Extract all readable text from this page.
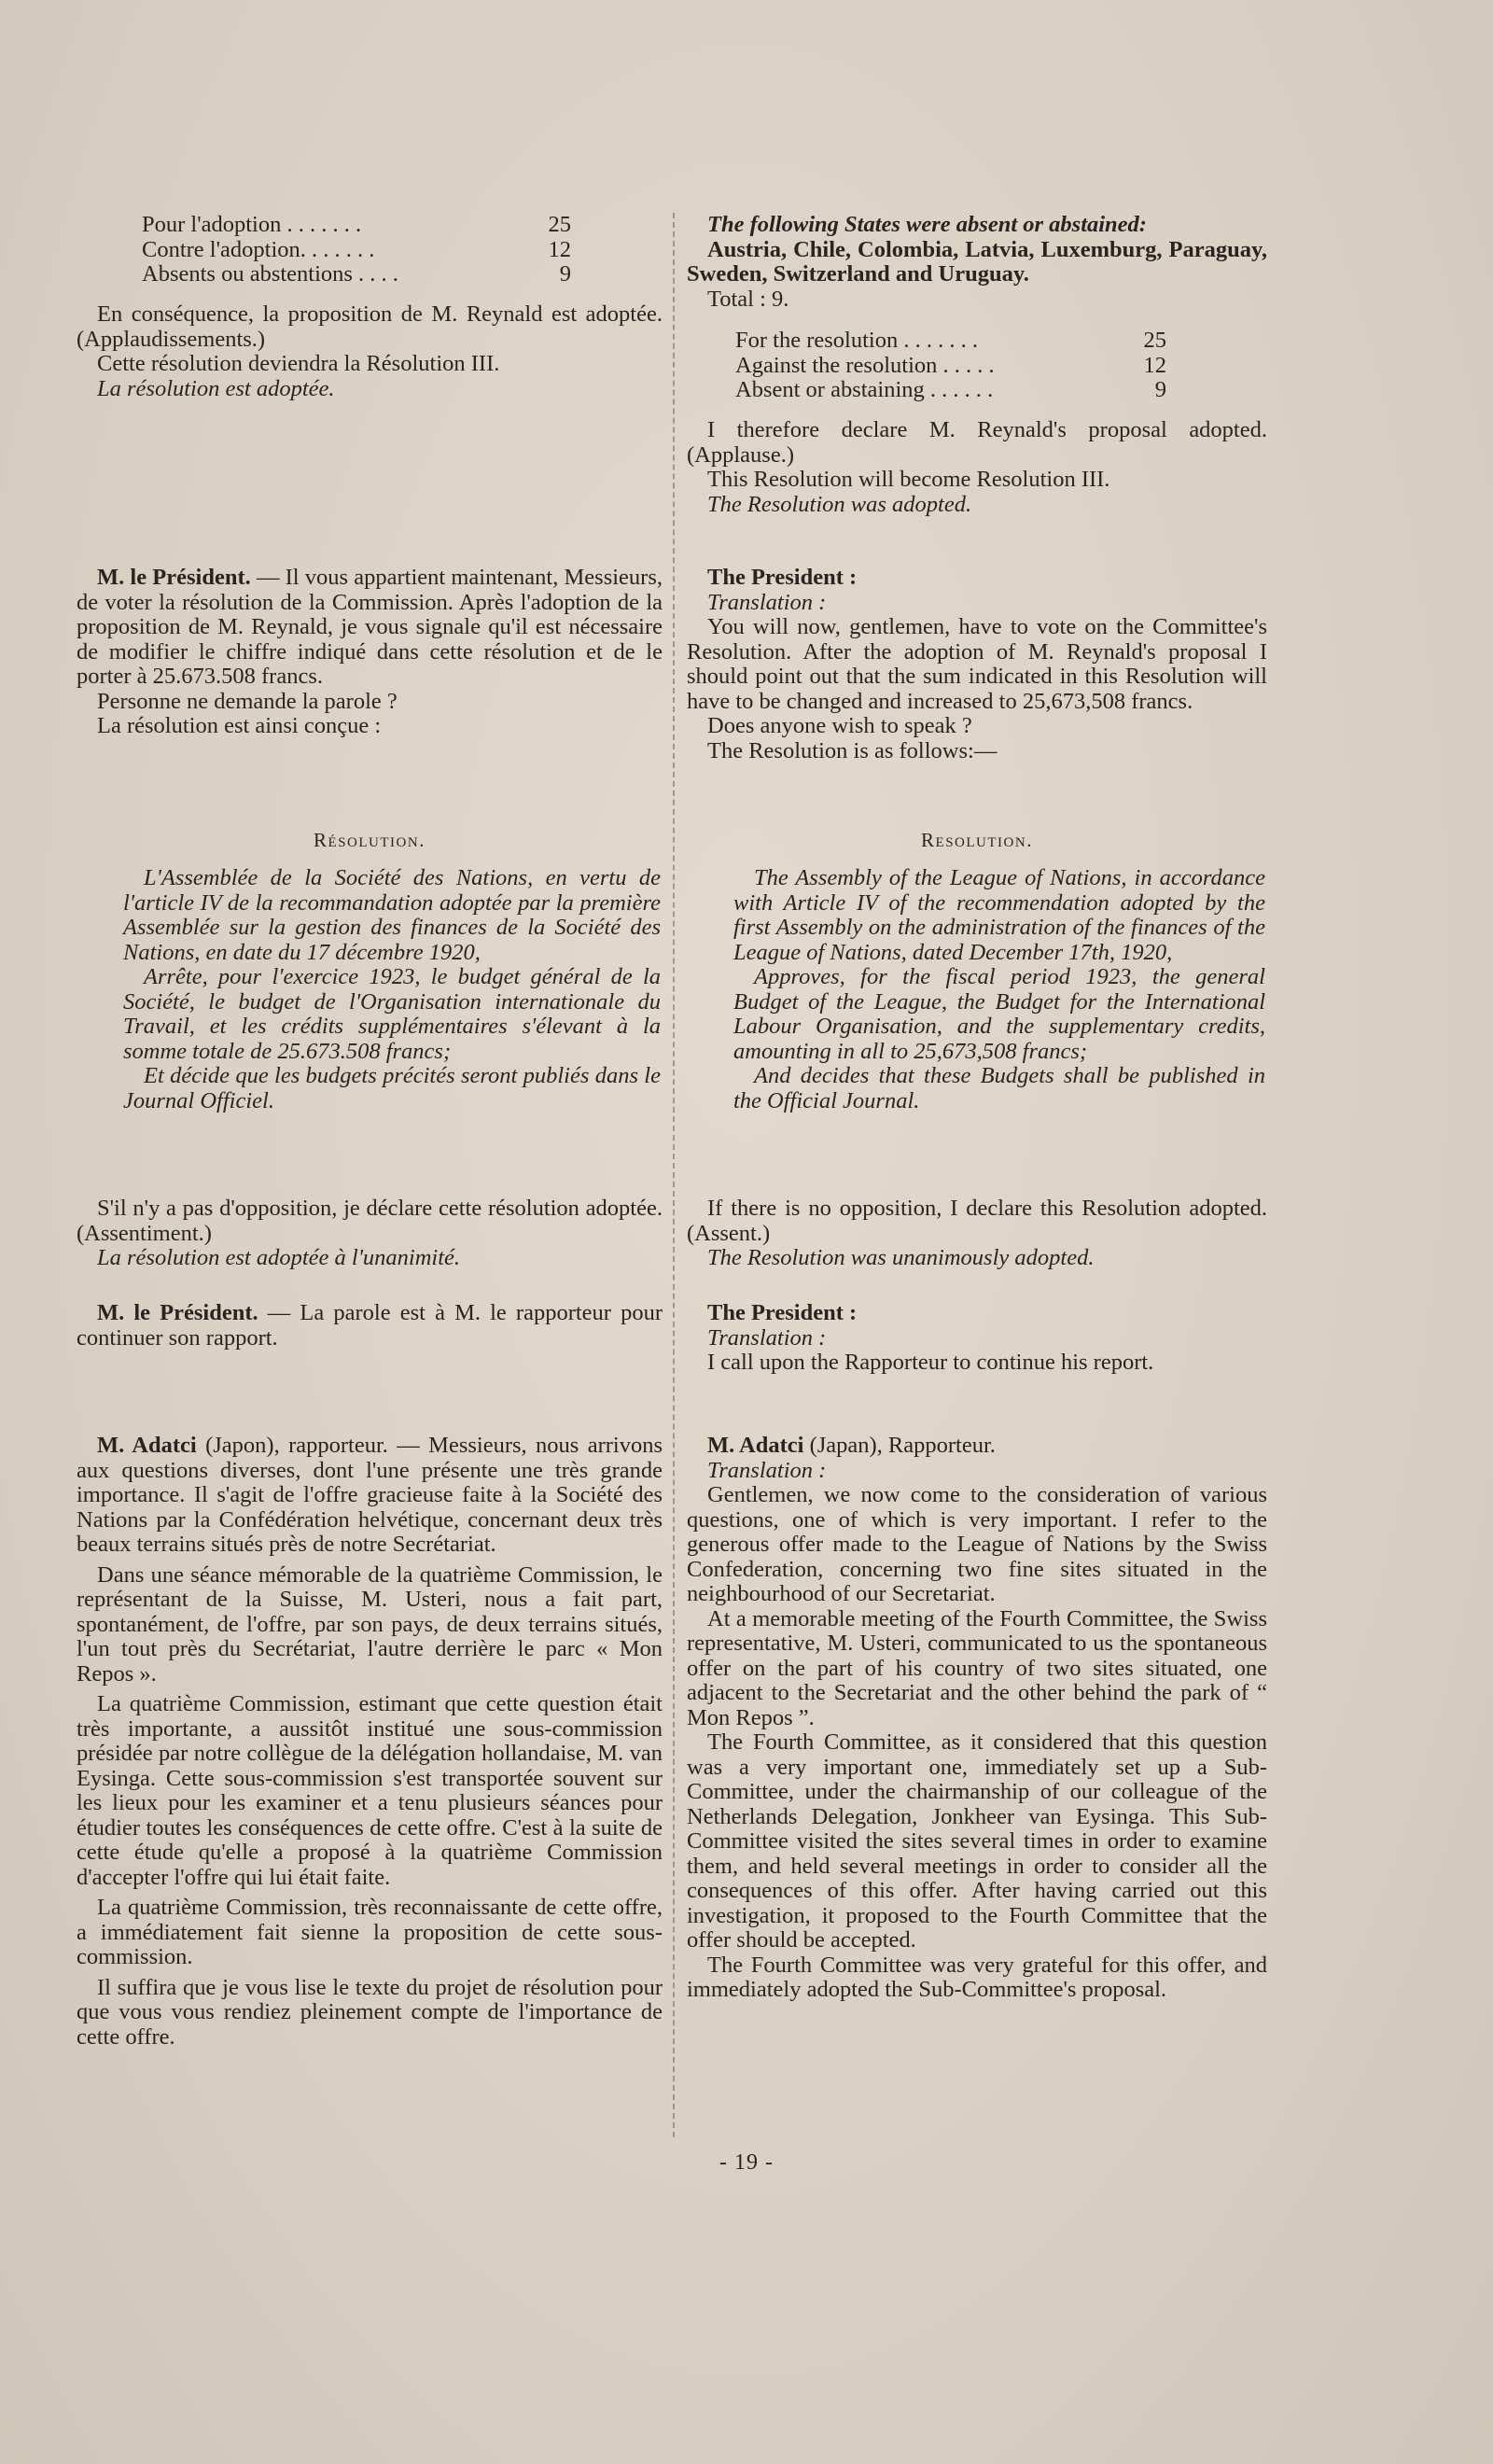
Pour l'adoption . . . . . . .	25
Contre l'adoption. . . . . . .	12
Absents ou abstentions . . . .	9

En conséquence, la proposition de M. Reynald est adoptée. (Applaudissements.)

Cette résolution deviendra la Résolution III.

La résolution est adoptée.

M. le Président. — Il vous appartient maintenant, Messieurs, de voter la résolution de la Commission. Après l'adoption de la proposition de M. Reynald, je vous signale qu'il est nécessaire de modifier le chiffre indiqué dans cette résolution et de le porter à 25.673.508 francs.

Personne ne demande la parole ?

La résolution est ainsi conçue :

Résolution.

L'Assemblée de la Société des Nations, en vertu de l'article IV de la recommandation adoptée par la première Assemblée sur la gestion des finances de la Société des Nations, en date du 17 décembre 1920,

Arrête, pour l'exercice 1923, le budget général de la Société, le budget de l'Organisation internationale du Travail, et les crédits supplémentaires s'élevant à la somme totale de 25.673.508 francs;

Et décide que les budgets précités seront publiés dans le Journal Officiel.

S'il n'y a pas d'opposition, je déclare cette résolution adoptée. (Assentiment.)

La résolution est adoptée à l'unanimité.

M. le Président. — La parole est à M. le rapporteur pour continuer son rapport.

M. Adatci (Japon), rapporteur. — Messieurs, nous arrivons aux questions diverses, dont l'une présente une très grande importance. Il s'agit de l'offre gracieuse faite à la Société des Nations par la Confédération helvétique, concernant deux très beaux terrains situés près de notre Secrétariat.

Dans une séance mémorable de la quatrième Commission, le représentant de la Suisse, M. Usteri, nous a fait part, spontanément, de l'offre, par son pays, de deux terrains situés, l'un tout près du Secrétariat, l'autre derrière le parc « Mon Repos ».

La quatrième Commission, estimant que cette question était très importante, a aussitôt institué une sous-commission présidée par notre collègue de la délégation hollandaise, M. van Eysinga. Cette sous-commission s'est transportée souvent sur les lieux pour les examiner et a tenu plusieurs séances pour étudier toutes les conséquences de cette offre. C'est à la suite de cette étude qu'elle a proposé à la quatrième Commission d'accepter l'offre qui lui était faite.

La quatrième Commission, très reconnaissante de cette offre, a immédiatement fait sienne la proposition de cette sous-commission.

Il suffira que je vous lise le texte du projet de résolution pour que vous vous rendiez pleinement compte de l'importance de cette offre.

The following States were absent or abstained:

Austria, Chile, Colombia, Latvia, Luxemburg, Paraguay, Sweden, Switzerland and Uruguay.

Total : 9.

For the resolution . . . . . . .	25
Against the resolution . . . . .	12
Absent or abstaining . . . . . .	9

I therefore declare M. Reynald's proposal adopted. (Applause.)

This Resolution will become Resolution III.

The Resolution was adopted.

The President :

Translation :

You will now, gentlemen, have to vote on the Committee's Resolution. After the adoption of M. Reynald's proposal I should point out that the sum indicated in this Resolution will have to be changed and increased to 25,673,508 francs.

Does anyone wish to speak ?

The Resolution is as follows:—

Resolution.

The Assembly of the League of Nations, in accordance with Article IV of the recommendation adopted by the first Assembly on the administration of the finances of the League of Nations, dated December 17th, 1920,

Approves, for the fiscal period 1923, the general Budget of the League, the Budget for the International Labour Organisation, and the supplementary credits, amounting in all to 25,673,508 francs;

And decides that these Budgets shall be published in the Official Journal.

If there is no opposition, I declare this Resolution adopted. (Assent.)

The Resolution was unanimously adopted.

The President :

Translation :

I call upon the Rapporteur to continue his report.

M. Adatci (Japan), Rapporteur.

Translation :

Gentlemen, we now come to the consideration of various questions, one of which is very important. I refer to the generous offer made to the League of Nations by the Swiss Confederation, concerning two fine sites situated in the neighbourhood of our Secretariat.

At a memorable meeting of the Fourth Committee, the Swiss representative, M. Usteri, communicated to us the spontaneous offer on the part of his country of two sites situated, one adjacent to the Secretariat and the other behind the park of “ Mon Repos ”.

The Fourth Committee, as it considered that this question was a very important one, immediately set up a Sub-Committee, under the chairmanship of our colleague of the Netherlands Delegation, Jonkheer van Eysinga. This Sub-Committee visited the sites several times in order to examine them, and held several meetings in order to consider all the consequences of this offer. After having carried out this investigation, it proposed to the Fourth Committee that the offer should be accepted.

The Fourth Committee was very grateful for this offer, and immediately adopted the Sub-Committee's proposal.

- 19 -
